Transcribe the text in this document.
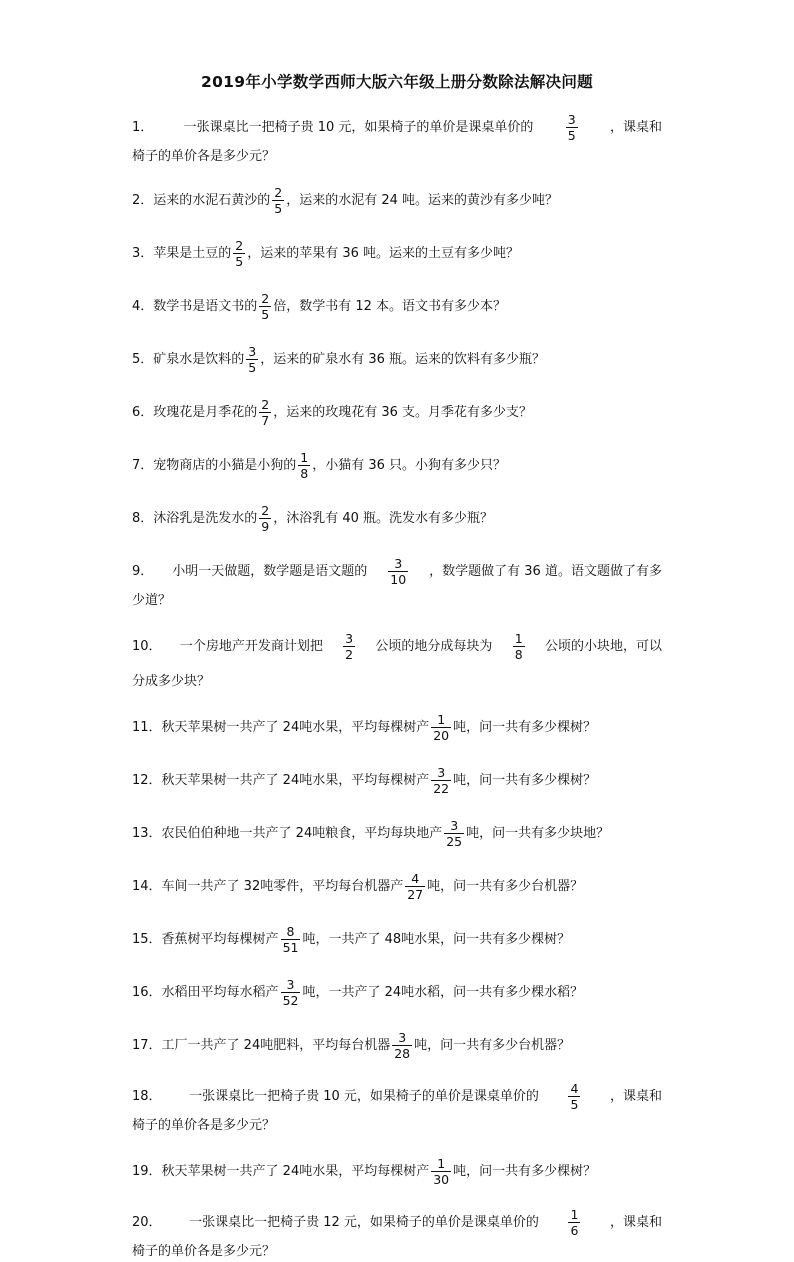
2019年小学数学西师大版六年级上册分数除法解决问题
1． 一张课桌比一把椅子贵 10 元，如果椅子的单价是课桌单价的	$\frac{3}{5}$ ，课桌和
椅子的单价各是多少元？
2． 运来的水泥石黄沙的 $\frac{2}{5}$ ，运来的水泥有 24 吨。运来的黄沙有多少吨？
3． 苹果是土豆的 $\frac{2}{5}$ ，运来的苹果有 36 吨。运来的土豆有多少吨？
4． 数学书是语文书的 $\frac{2}{5}$ 倍，数学书有 12 本。语文书有多少本？
5． 矿泉水是饮料的 $\frac{3}{5}$ ，运来的矿泉水有 36 瓶。运来的饮料有多少瓶？
6． 玫瑰花是月季花的 $\frac{2}{7}$ ，运来的玫瑰花有 36 支。月季花有多少支？
7． 宠物商店的小猫是小狗的 $\frac{1}{8}$ ，小猫有 36 只。小狗有多少只？
8． 沐浴乳是洗发水的 $\frac{2}{9}$ ，沐浴乳有 40 瓶。洗发水有多少瓶？
9． 小明一天做题，数学题是语文题的 $\frac{3}{10}$ ，数学题做了有 36 道。语文题做了有多
少道？
10． 一个房地产开发商计划把 $\frac{3}{2}$ 公顷的地分成每块为 $\frac{1}{8}$ 公顷的小块地，可以
分成多少块？
11． 秋天苹果树一共产了 24吨水果，平均每棵树产 $\frac{1}{20}$ 吨，问一共有多少棵树？
12． 秋天苹果树一共产了 24吨水果，平均每棵树产 $\frac{3}{22}$ 吨，问一共有多少棵树？
13． 农民伯伯种地一共产了 24吨粮食，平均每块地产 $\frac{3}{25}$ 吨，问一共有多少块地？
14． 车间一共产了 32吨零件，平均每台机器产 $\frac{4}{27}$ 吨，问一共有多少台机器？
15． 香蕉树平均每棵树产 $\frac{8}{51}$ 吨，一共产了 48吨水果，问一共有多少棵树？
16． 水稻田平均每水稻产 $\frac{3}{52}$ 吨，一共产了 24吨水稻，问一共有多少棵水稻？
17． 工厂一共产了 24吨肥料，平均每台机器 $\frac{3}{28}$ 吨，问一共有多少台机器？
18． 一张课桌比一把椅子贵 10 元，如果椅子的单价是课桌单价的 $\frac{4}{5}$ ，课桌和
椅子的单价各是多少元？
19． 秋天苹果树一共产了 24吨水果，平均每棵树产 $\frac{1}{30}$ 吨，问一共有多少棵树？
20． 一张课桌比一把椅子贵 12 元，如果椅子的单价是课桌单价的 $\frac{1}{6}$ ，课桌和
椅子的单价各是多少元？
